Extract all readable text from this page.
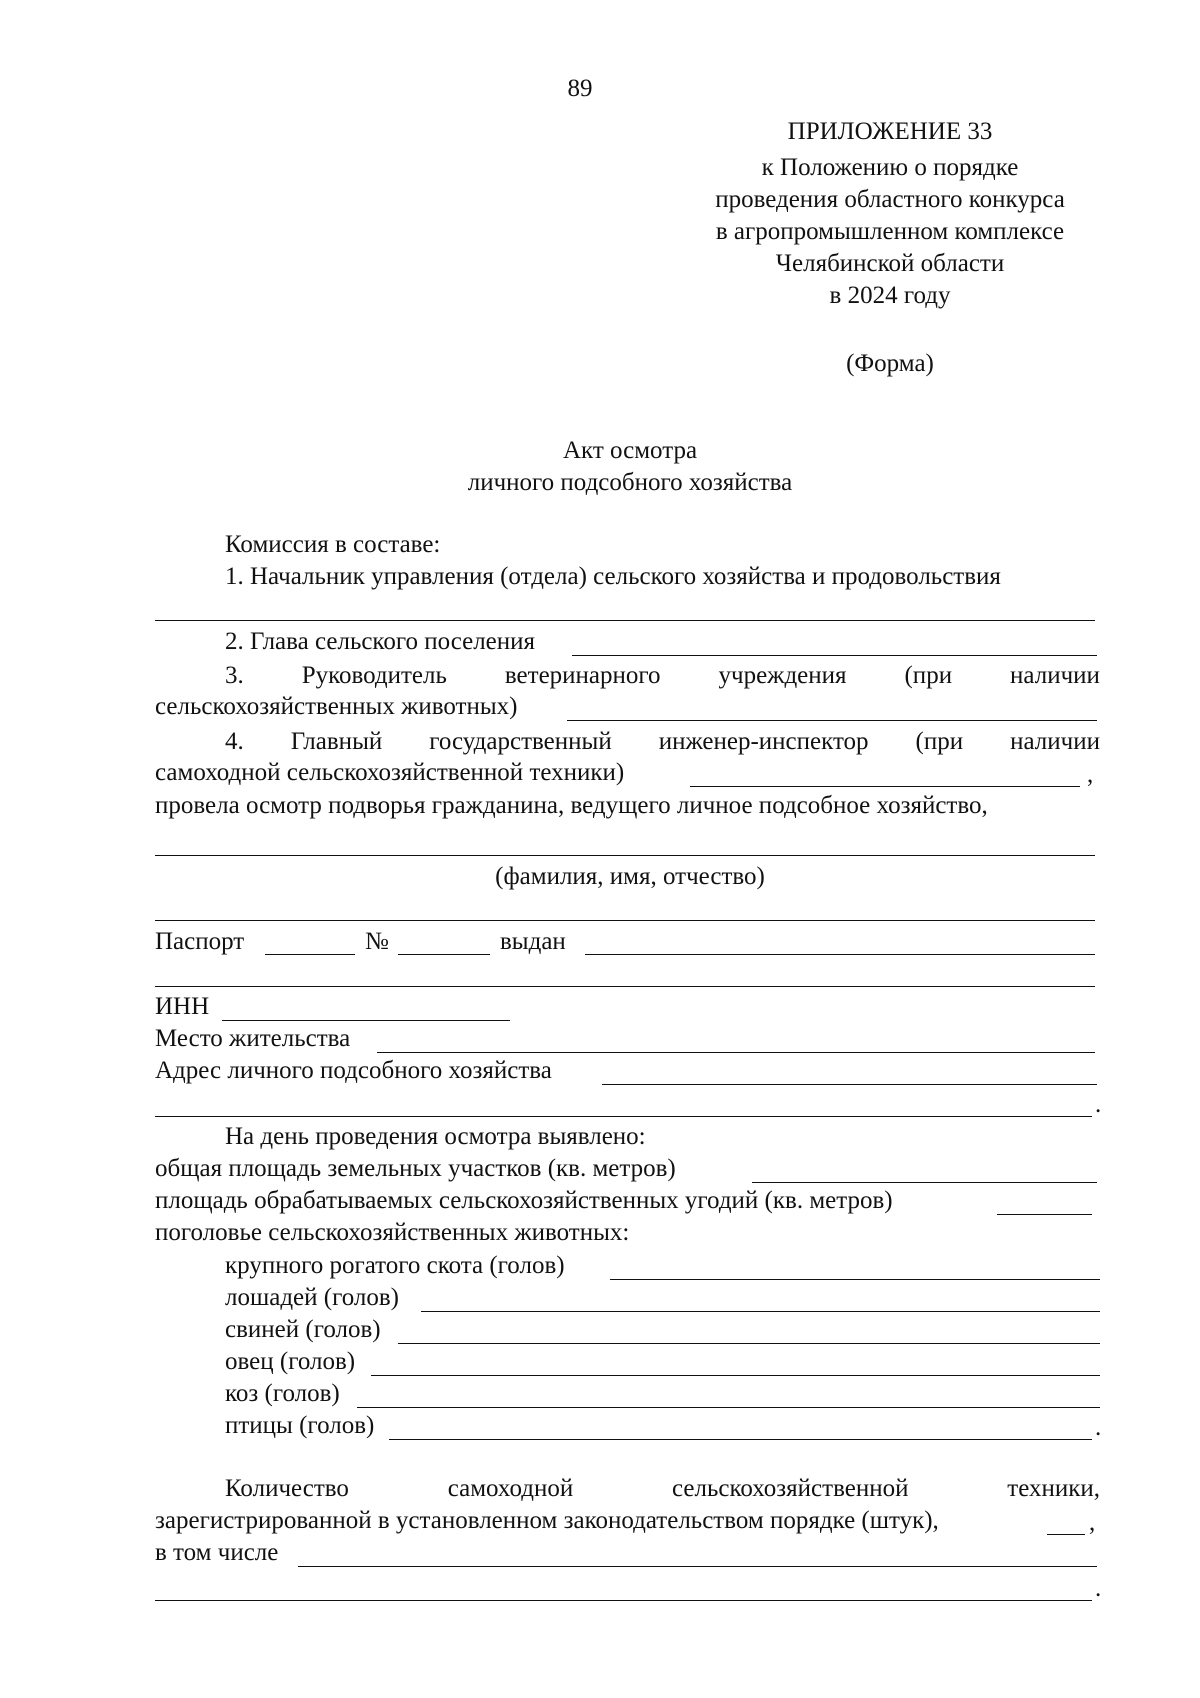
89
ПРИЛОЖЕНИЕ 33
к Положению о порядке
проведения областного конкурса
в агропромышленном комплексе
Челябинской области
в 2024 году
(Форма)
Акт осмотра
личного подсобного хозяйства
Комиссия в составе:
1. Начальник управления (отдела) сельского хозяйства и продовольствия
2. Глава сельского поселения
3. Руководитель ветеринарного учреждения (при наличии
сельскохозяйственных животных)
4. Главный государственный инженер-инспектор (при наличии
самоходной сельскохозяйственной техники)	,
провела осмотр подворья гражданина, ведущего личное подсобное хозяйство,
(фамилия, имя, отчество)
Паспорт	№	выдан
ИНН
Место жительства
Адрес личного подсобного хозяйства
.
На день проведения осмотра выявлено:
общая площадь земельных участков (кв. метров)
площадь обрабатываемых сельскохозяйственных угодий (кв. метров)
поголовье сельскохозяйственных животных:
крупного рогатого скота (голов)
лошадей (голов)
свиней (голов)
овец (голов)
коз (голов)
птицы (голов)	.
Количество	самоходной	сельскохозяйственной	техники,
зарегистрированной в установленном законодательством порядке (штук),	,
в том числе
.
